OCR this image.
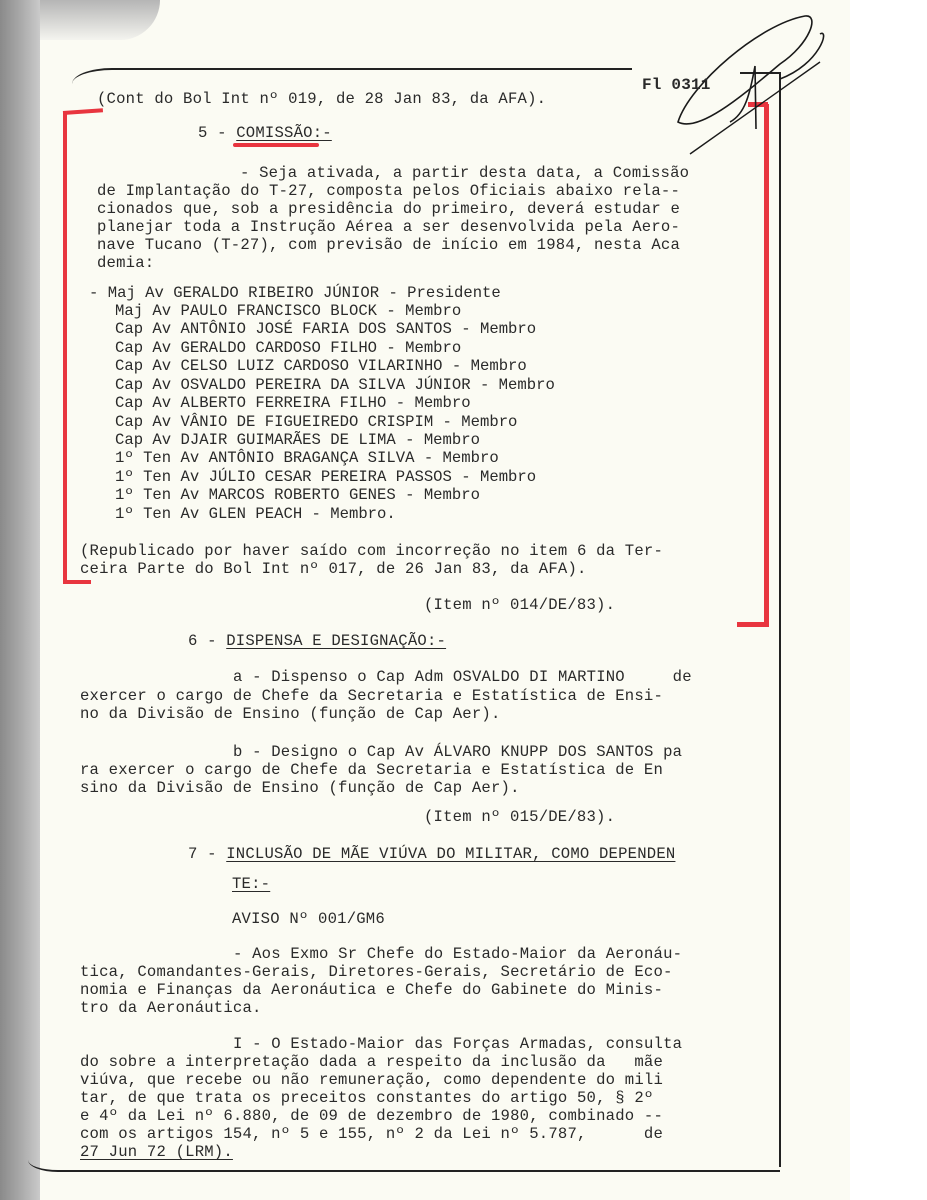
Fl 0311
(Cont do Bol Int nº 019, de 28 Jan 83, da AFA).
5 - COMISSÃO:-
- Seja ativada, a partir desta data, a Comissão
de Implantação do T-27, composta pelos Oficiais abaixo rela--
cionados que, sob a presidência do primeiro, deverá estudar e
planejar toda a Instrução Aérea a ser desenvolvida pela Aero-
nave Tucano (T-27), com previsão de início em 1984, nesta Aca
demia:
- Maj Av GERALDO RIBEIRO JÚNIOR - Presidente
Maj Av PAULO FRANCISCO BLOCK - Membro
Cap Av ANTÔNIO JOSÉ FARIA DOS SANTOS - Membro
Cap Av GERALDO CARDOSO FILHO - Membro
Cap Av CELSO LUIZ CARDOSO VILARINHO - Membro
Cap Av OSVALDO PEREIRA DA SILVA JÚNIOR - Membro
Cap Av ALBERTO FERREIRA FILHO - Membro
Cap Av VÂNIO DE FIGUEIREDO CRISPIM - Membro
Cap Av DJAIR GUIMARÃES DE LIMA - Membro
1º Ten Av ANTÔNIO BRAGANÇA SILVA - Membro
1º Ten Av JÚLIO CESAR PEREIRA PASSOS - Membro
1º Ten Av MARCOS ROBERTO GENES - Membro
1º Ten Av GLEN PEACH - Membro.
(Republicado por haver saído com incorreção no item 6 da Ter-
ceira Parte do Bol Int nº 017, de 26 Jan 83, da AFA).
(Item nº 014/DE/83).
6 - DISPENSA E DESIGNAÇÃO:-
a - Dispenso o Cap Adm OSVALDO DI MARTINO     de
exercer o cargo de Chefe da Secretaria e Estatística de Ensi-
no da Divisão de Ensino (função de Cap Aer).
b - Designo o Cap Av ÁLVARO KNUPP DOS SANTOS pa
ra exercer o cargo de Chefe da Secretaria e Estatística de En
sino da Divisão de Ensino (função de Cap Aer).
(Item nº 015/DE/83).
7 - INCLUSÃO DE MÃE VIÚVA DO MILITAR, COMO DEPENDEN
TE:-
AVISO Nº 001/GM6
- Aos Exmo Sr Chefe do Estado-Maior da Aeronáu-
tica, Comandantes-Gerais, Diretores-Gerais, Secretário de Eco-
nomia e Finanças da Aeronáutica e Chefe do Gabinete do Minis-
tro da Aeronáutica.
I - O Estado-Maior das Forças Armadas, consulta
do sobre a interpretação dada a respeito da inclusão da   mãe
viúva, que recebe ou não remuneração, como dependente do mili
tar, de que trata os preceitos constantes do artigo 50, § 2º
e 4º da Lei nº 6.880, de 09 de dezembro de 1980, combinado --
com os artigos 154, nº 5 e 155, nº 2 da Lei nº 5.787,      de
27 Jun 72 (LRM).
